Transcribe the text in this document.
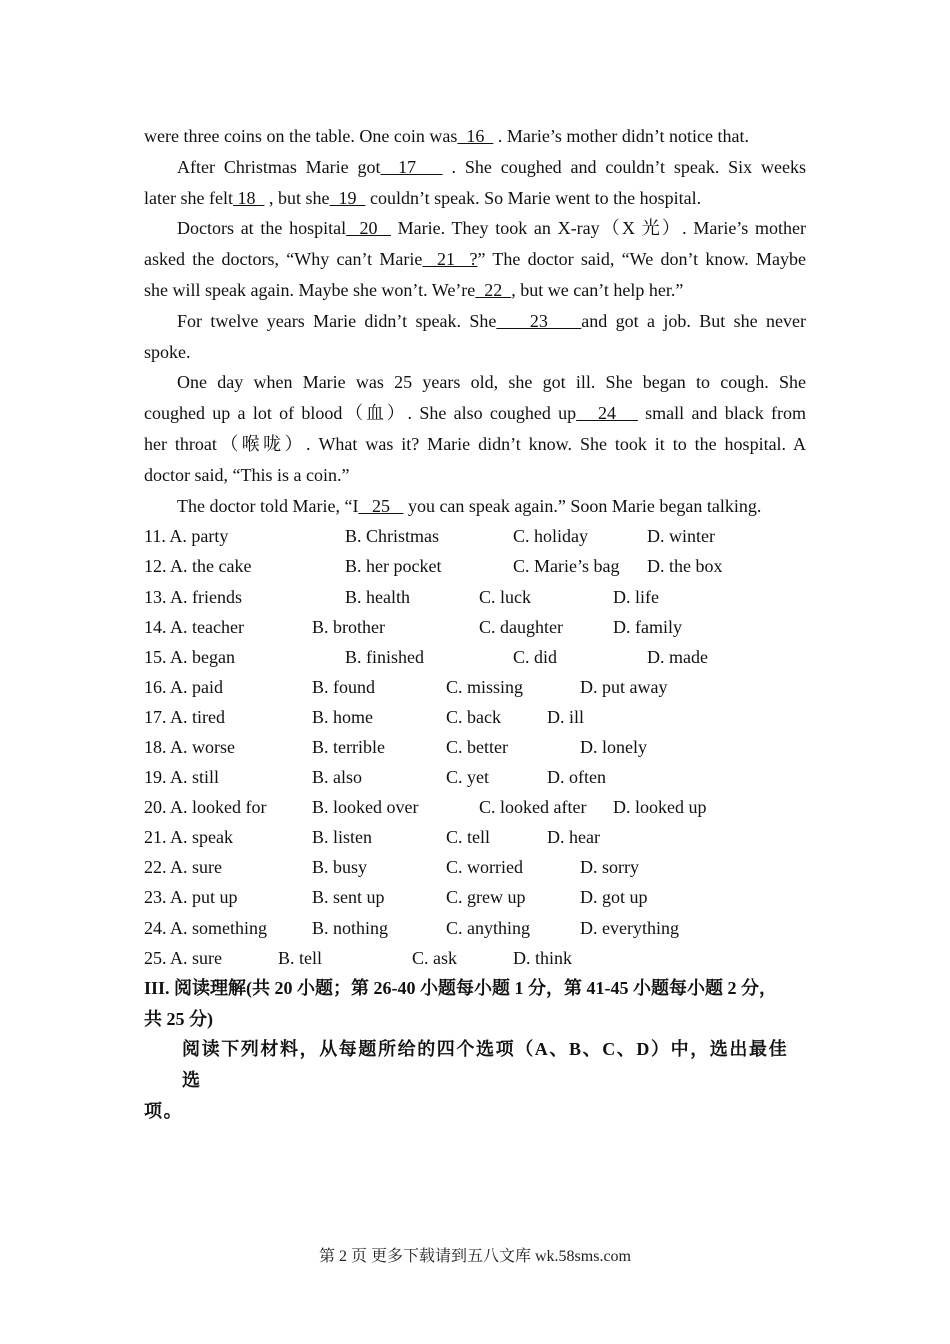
were three coins on the table. One coin was  16   . Marie’s mother didn’t notice that.
After Christmas Marie got  17    . She coughed and couldn’t speak. Six weeks
later she felt 18   , but she  19   couldn’t speak. So Marie went to the hospital.
Doctors at the hospital  20   Marie. They took an X-ray（X 光）. Marie’s mother
asked the doctors, “Why can’t Marie  21  ?” The doctor said, “We don’t know. Maybe
she will speak again. Maybe she won’t. We’re  22  , but we can’t help her.”
For twelve years Marie didn’t speak. She    23    and got a job. But she never
spoke.
One day when Marie was 25 years old, she got ill. She began to cough. She
coughed up a lot of blood（血）. She also coughed up   24    small and black from
her throat（喉咙）. What was it? Marie didn’t know. She took it to the hospital. A
doctor said, “This is a coin.”
The doctor told Marie, “I   25    you can speak again.” Soon Marie began talking.
11. A. party	B. Christmas	C. holiday	D. winter
12. A. the cake	B. her pocket	C. Marie’s bag	D. the box
13. A. friends	B. health	C. luck	D. life
14. A. teacher	B. brother	C. daughter	D. family
15. A. began	B. finished	C. did	D. made
16. A. paid	B. found	C. missing	D. put away
17. A. tired	B. home	C. back	D. ill
18. A. worse	B. terrible	C. better	D. lonely
19. A. still	B. also	C. yet	D. often
20. A. looked for	B. looked over	C. looked after	D. looked up
21. A. speak	B. listen	C. tell	D. hear
22. A. sure	B. busy	C. worried	D. sorry
23. A. put up	B. sent up	C. grew up	D. got up
24. A. something	B. nothing	C. anything	D. everything
25. A. sure	B. tell	C. ask	D. think
III. 阅读理解(共 20 小题；第 26-40 小题每小题 1 分，第 41-45 小题每小题 2 分，
共 25 分)
阅读下列材料，从每题所给的四个选项（A、B、C、D）中，选出最佳选
项。
第 2 页 更多下载请到五八文库 wk.58sms.com
